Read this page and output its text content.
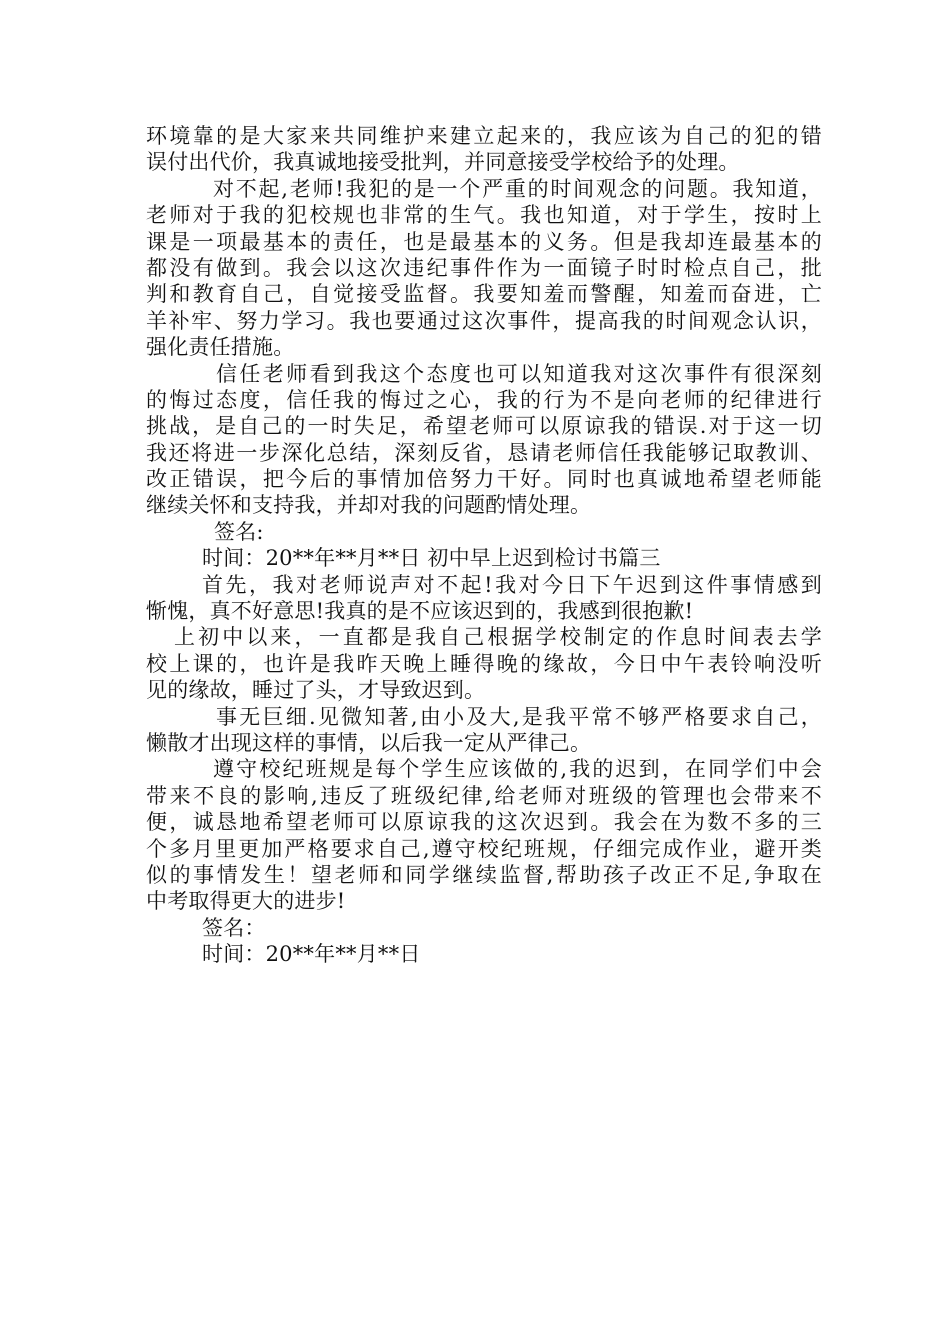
环境靠的是大家来共同维护来建立起来的，我应该为自己的犯的错
误付出代价，我真诚地接受批判，并同意接受学校给予的处理。
对不起,老师!我犯的是一个严重的时间观念的问题。我知道，
老师对于我的犯校规也非常的生气。我也知道，对于学生，按时上
课是一项最基本的责任，也是最基本的义务。但是我却连最基本的
都没有做到。我会以这次违纪事件作为一面镜子时时检点自己，批
判和教育自己，自觉接受监督。我要知羞而警醒，知羞而奋进，亡
羊补牢、努力学习。我也要通过这次事件，提高我的时间观念认识，
强化责任措施。
信任老师看到我这个态度也可以知道我对这次事件有很深刻
的悔过态度，信任我的悔过之心，我的行为不是向老师的纪律进行
挑战，是自己的一时失足，希望老师可以原谅我的错误.对于这一切
我还将进一步深化总结，深刻反省，恳请老师信任我能够记取教训、
改正错误，把今后的事情加倍努力干好。同时也真诚地希望老师能
继续关怀和支持我，并却对我的问题酌情处理。
签名:
时间：20**年**月**日 初中早上迟到检讨书篇三
首先，我对老师说声对不起!我对今日下午迟到这件事情感到
惭愧，真不好意思!我真的是不应该迟到的，我感到很抱歉!
上初中以来，一直都是我自己根据学校制定的作息时间表去学
校上课的，也许是我昨天晚上睡得晚的缘故，今日中午表铃响没听
见的缘故，睡过了头，才导致迟到。
事无巨细.见微知著,由小及大,是我平常不够严格要求自己，
懒散才出现这样的事情，以后我一定从严律己。
遵守校纪班规是每个学生应该做的,我的迟到，在同学们中会
带来不良的影响,违反了班级纪律,给老师对班级的管理也会带来不
便，诚恳地希望老师可以原谅我的这次迟到。我会在为数不多的三
个多月里更加严格要求自己,遵守校纪班规，仔细完成作业，避开类
似的事情发生！望老师和同学继续监督,帮助孩子改正不足,争取在
中考取得更大的进步!
签名：
时间：20**年**月**日
